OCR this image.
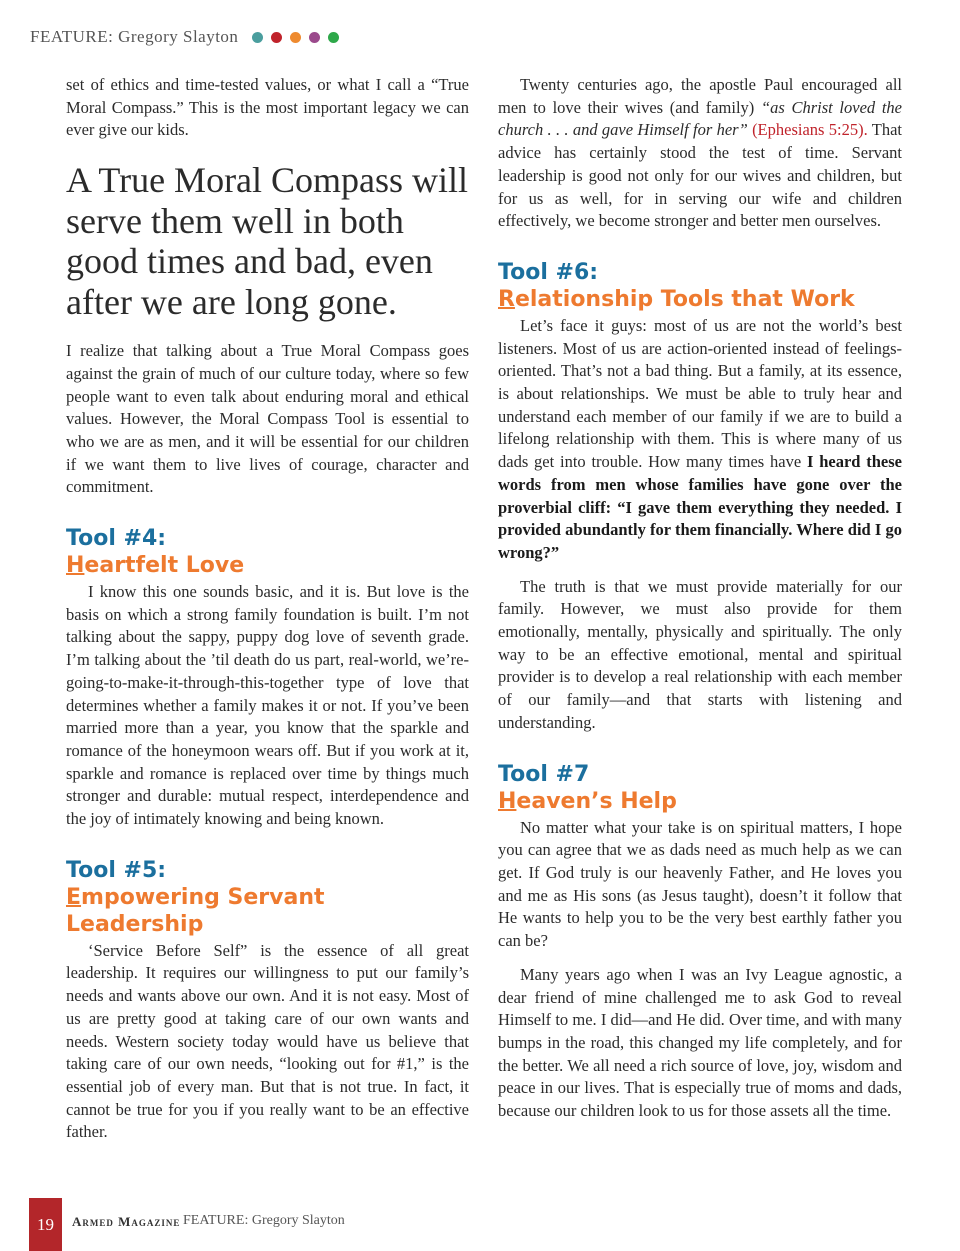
FEATURE: Gregory Slayton

set of ethics and time-tested values, or what I call a “True Moral Compass.” This is the most important legacy we can ever give our kids.

A True Moral Compass will serve them well in both good times and bad, even after we are long gone.

I realize that talking about a True Moral Compass goes against the grain of much of our culture today, where so few people want to even talk about enduring moral and ethical values. However, the Moral Compass Tool is essential to who we are as men, and it will be essential for our children if we want them to live lives of courage, character and commitment.

Tool #4:
Heartfelt Love

I know this one sounds basic, and it is. But love is the basis on which a strong family foundation is built. I’m not talking about the sappy, puppy dog love of seventh grade. I’m talking about the ’til death do us part, real-world, we’re-going-to-make-it-through-this-together type of love that determines whether a family makes it or not. If you’ve been married more than a year, you know that the sparkle and romance of the honeymoon wears off. But if you work at it, sparkle and romance is replaced over time by things much stronger and durable: mutual respect, interdependence and the joy of intimately knowing and being known.

Tool #5:
Empowering Servant Leadership

‘Service Before Self” is the essence of all great leadership. It requires our willingness to put our family’s needs and wants above our own. And it is not easy. Most of us are pretty good at taking care of our own wants and needs. Western society today would have us believe that taking care of our own needs, “looking out for #1,” is the essential job of every man. But that is not true. In fact, it cannot be true for you if you really want to be an effective father.

Twenty centuries ago, the apostle Paul encouraged all men to love their wives (and family) “as Christ loved the church . . . and gave Himself for her” (Ephesians 5:25). That advice has certainly stood the test of time. Servant leadership is good not only for our wives and children, but for us as well, for in serving our wife and children effectively, we become stronger and better men ourselves.

Tool #6:
Relationship Tools that Work

Let’s face it guys: most of us are not the world’s best listeners. Most of us are action-oriented instead of feelings-oriented. That’s not a bad thing. But a family, at its essence, is about relationships. We must be able to truly hear and understand each member of our family if we are to build a lifelong relationship with them. This is where many of us dads get into trouble. How many times have I heard these words from men whose families have gone over the proverbial cliff: “I gave them everything they needed. I provided abundantly for them financially. Where did I go wrong?”

The truth is that we must provide materially for our family. However, we must also provide for them emotionally, mentally, physically and spiritually. The only way to be an effective emotional, mental and spiritual provider is to develop a real relationship with each member of our family—and that starts with listening and understanding.

Tool #7
Heaven’s Help

No matter what your take is on spiritual matters, I hope you can agree that we as dads need as much help as we can get. If God truly is our heavenly Father, and He loves you and me as His sons (as Jesus taught), doesn’t it follow that He wants to help you to be the very best earthly father you can be?

Many years ago when I was an Ivy League agnostic, a dear friend of mine challenged me to ask God to reveal Himself to me. I did—and He did. Over time, and with many bumps in the road, this changed my life completely, and for the better. We all need a rich source of love, joy, wisdom and peace in our lives. That is especially true of moms and dads, because our children look to us for those assets all the time.

19	Armed Magazine FEATURE: Gregory Slayton
